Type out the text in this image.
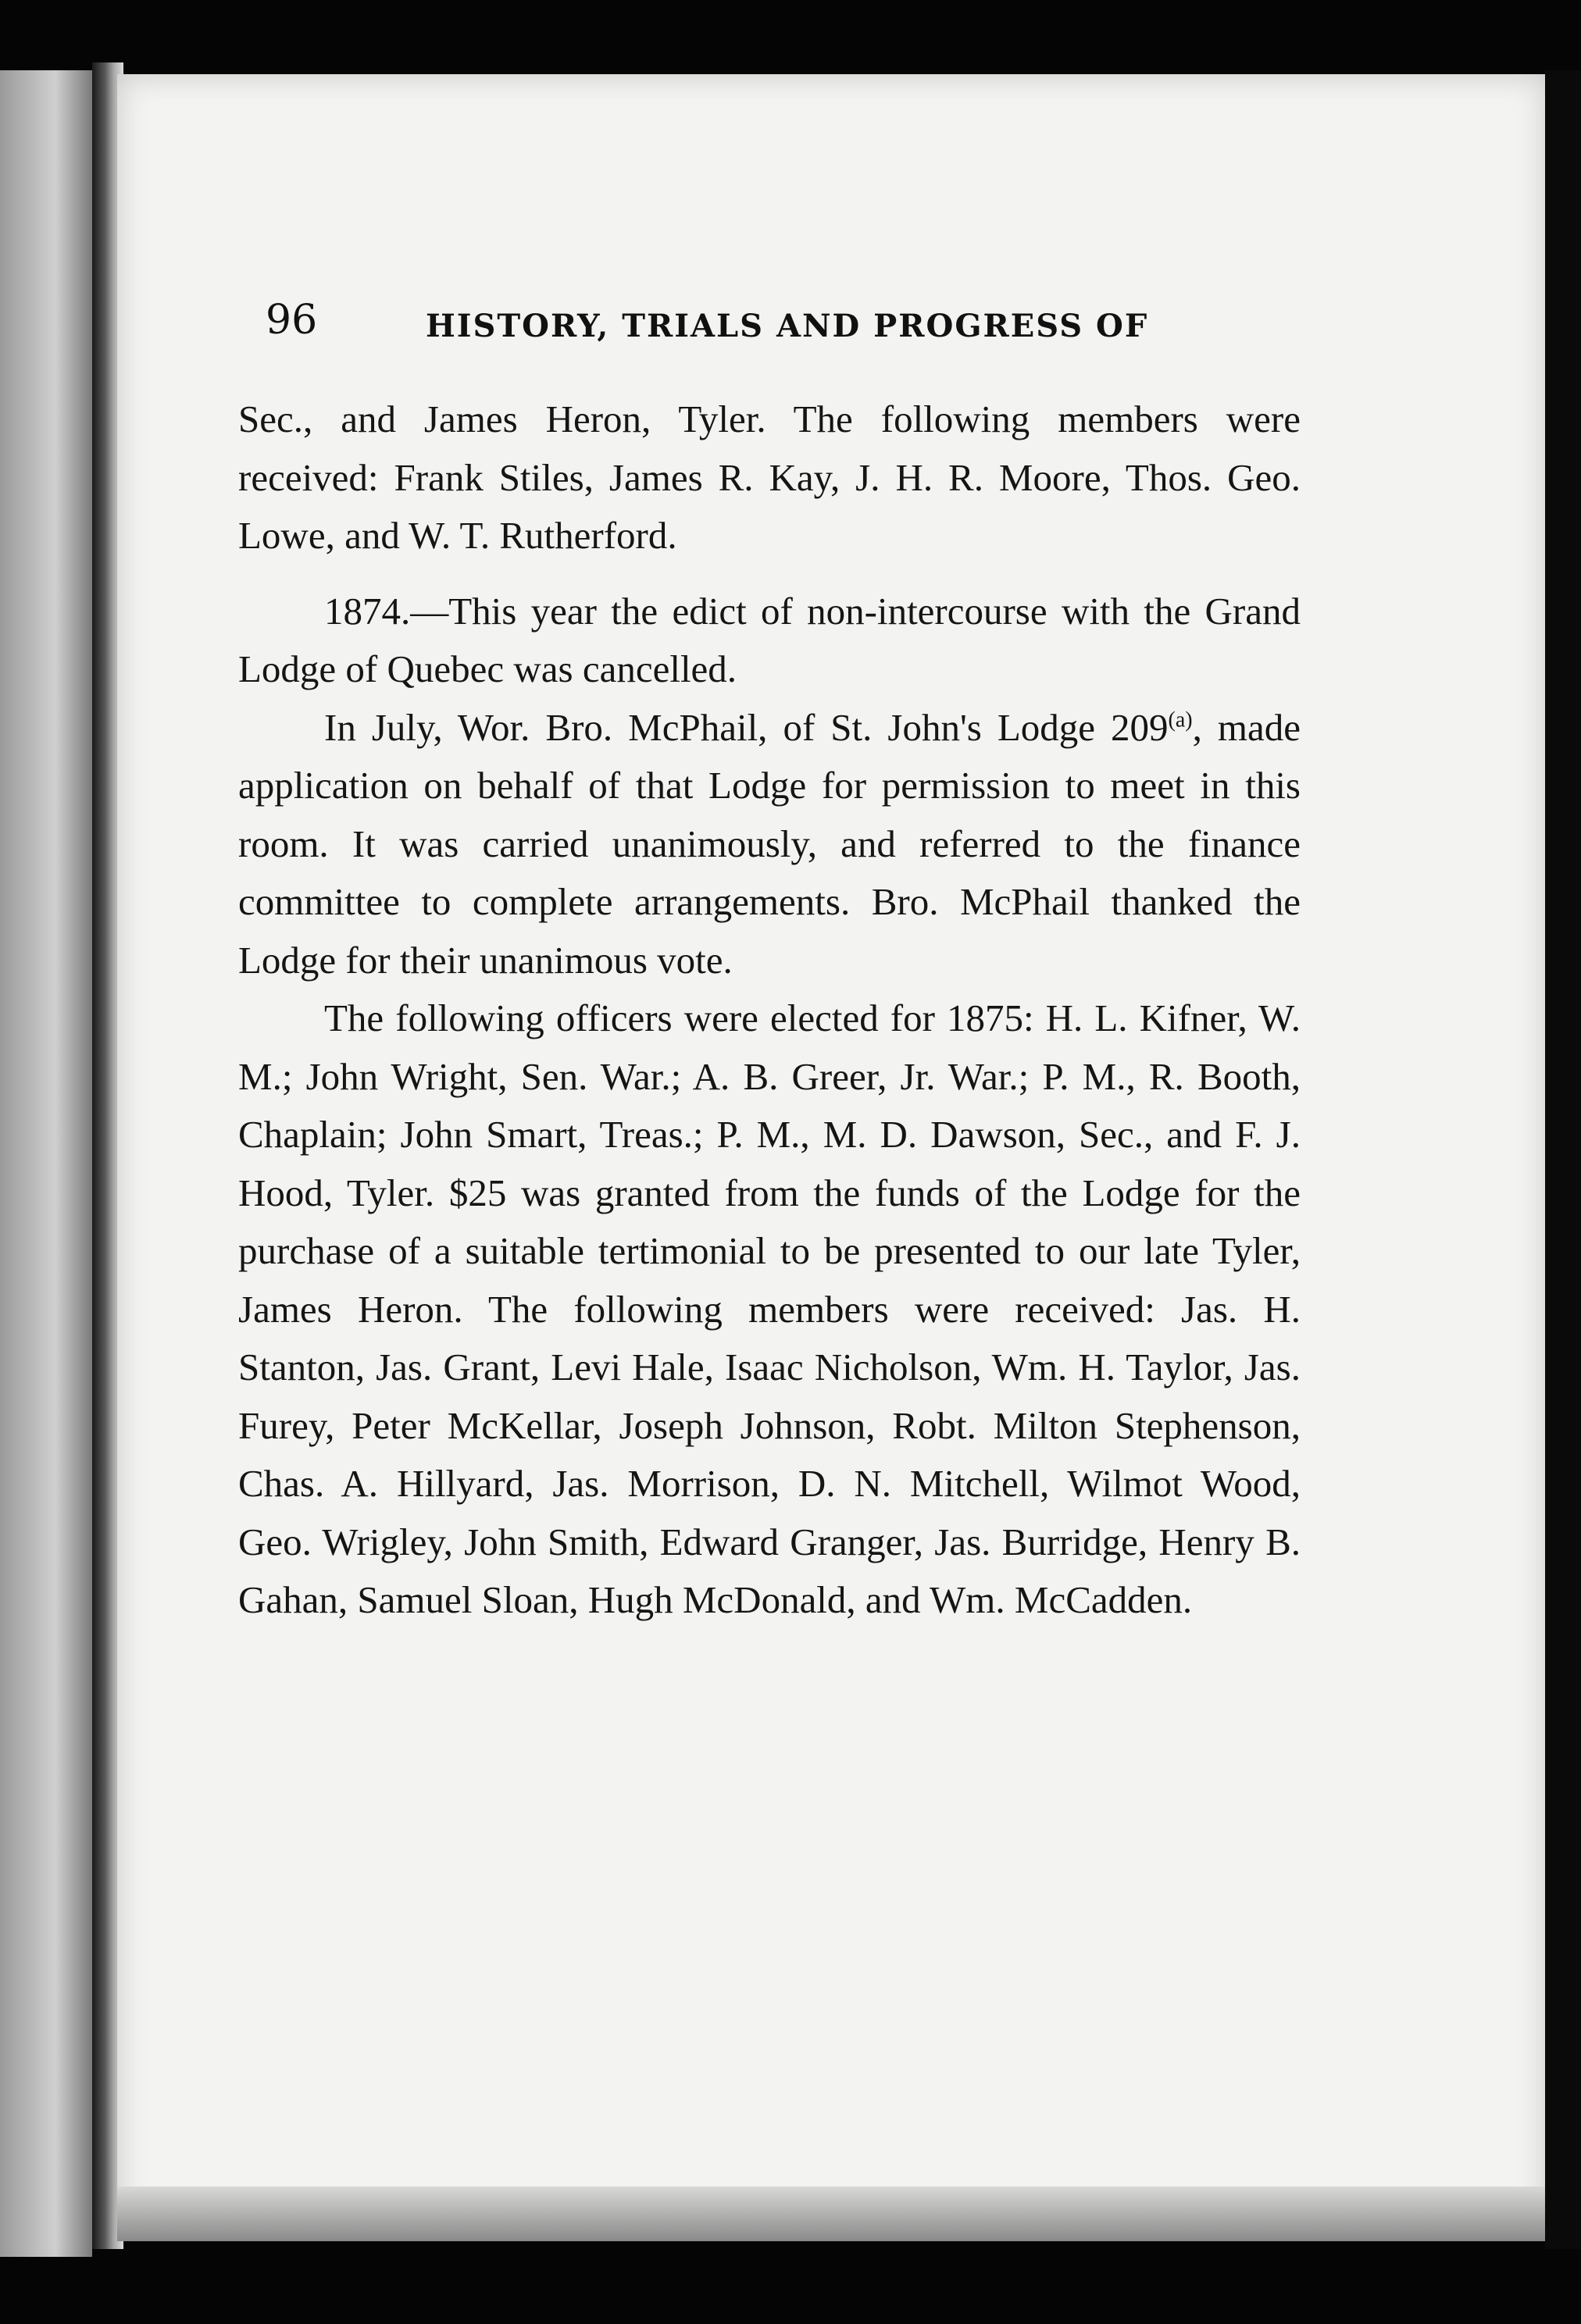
96	HISTORY, TRIALS AND PROGRESS OF

Sec., and James Heron, Tyler. The following members were received: Frank Stiles, James R. Kay, J. H. R. Moore, Thos. Geo. Lowe, and W. T. Rutherford.

1874.—This year the edict of non-intercourse with the Grand Lodge of Quebec was cancelled.

In July, Wor. Bro. McPhail, of St. John's Lodge 209$^{(a)}$, made application on behalf of that Lodge for permission to meet in this room. It was carried unanimously, and referred to the finance committee to complete arrangements. Bro. McPhail thanked the Lodge for their unanimous vote.

The following officers were elected for 1875: H. L. Kifner, W. M.; John Wright, Sen. War.; A. B. Greer, Jr. War.; P. M., R. Booth, Chaplain; John Smart, Treas.; P. M., M. D. Dawson, Sec., and F. J. Hood, Tyler. $25 was granted from the funds of the Lodge for the purchase of a suitable tertimonial to be presented to our late Tyler, James Heron. The following members were received: Jas. H. Stanton, Jas. Grant, Levi Hale, Isaac Nicholson, Wm. H. Taylor, Jas. Furey, Peter McKellar, Joseph Johnson, Robt. Milton Stephenson, Chas. A. Hillyard, Jas. Morrison, D. N. Mitchell, Wilmot Wood, Geo. Wrigley, John Smith, Edward Granger, Jas. Burridge, Henry B. Gahan, Samuel Sloan, Hugh McDonald, and Wm. McCadden.
